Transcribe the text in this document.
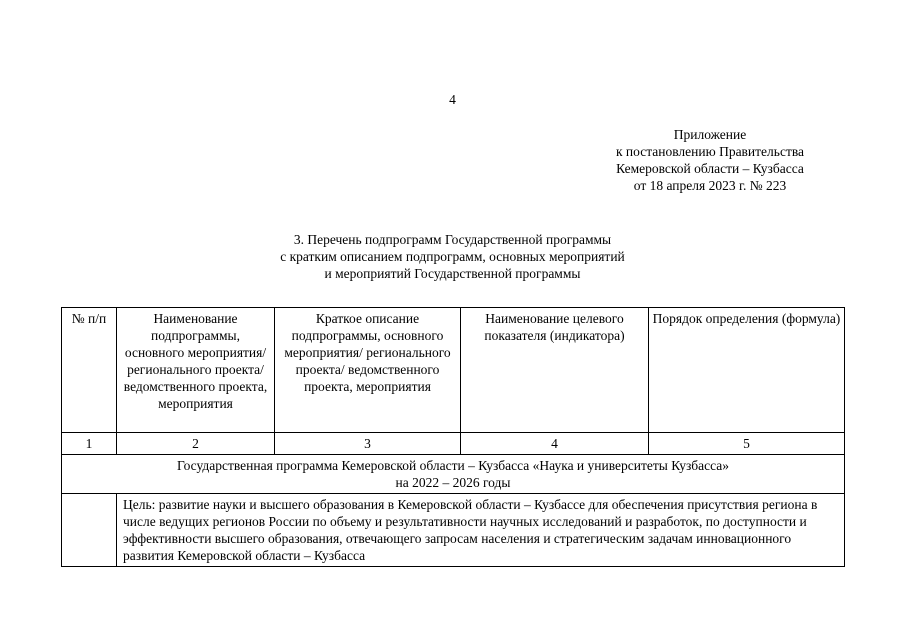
4
Приложение
к постановлению Правительства
Кемеровской области – Кузбасса
от 18 апреля 2023 г. № 223
3. Перечень подпрограмм Государственной программы
с кратким описанием подпрограмм, основных мероприятий
и мероприятий Государственной программы
№ п/п	Наименование подпрограммы, основного мероприятия/ регионального проекта/ ведомственного проекта, мероприятия	Краткое описание подпрограммы, основного мероприятия/ регионального проекта/ ведомственного проекта, мероприятия	Наименование целевого показателя (индикатора)	Порядок определения (формула)
1	2	3	4	5

Государственная программа Кемеровской области – Кузбасса «Наука и университеты Кузбасса»
на 2022 – 2026 годы				

	Цель: развитие науки и высшего образования в Кемеровской области – Кузбассе для обеспечения присутствия региона в числе ведущих регионов России по объему и результативности научных исследований и разработок, по доступности и эффективности высшего образования, отвечающего запросам населения и стратегическим задачам инновационного развития Кемеровской области – Кузбасса			
